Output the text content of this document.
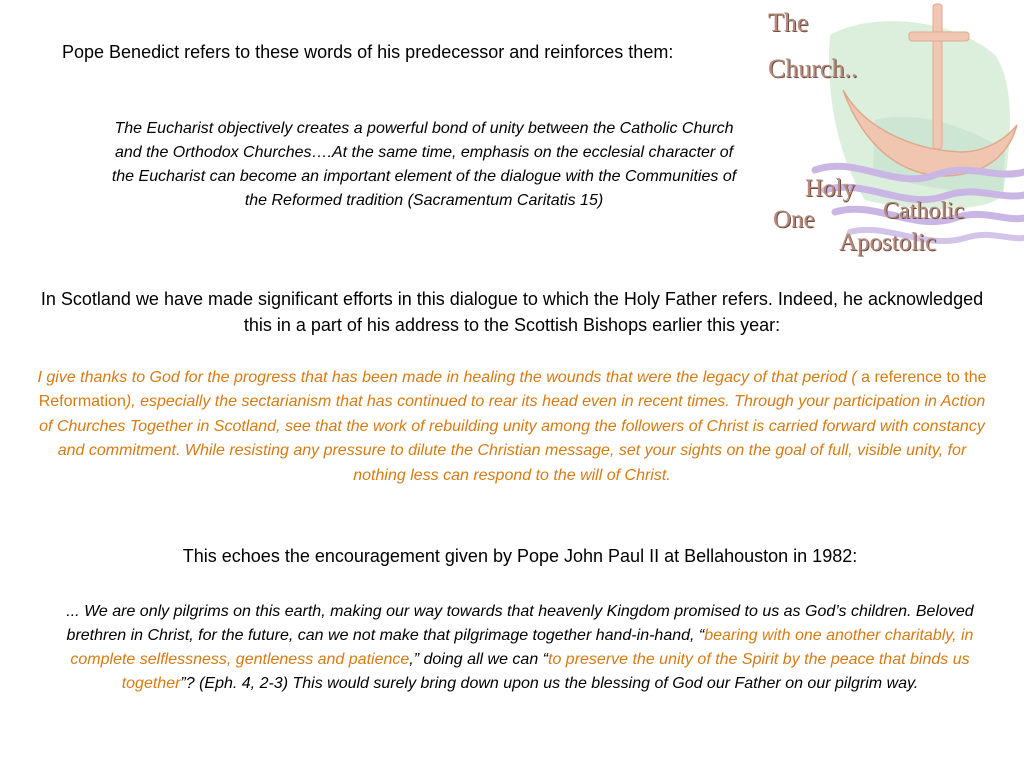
Pope Benedict refers to these words of his predecessor and reinforces them:

The Eucharist objectively creates a powerful bond of unity between the Catholic Church and the Orthodox Churches….At the same time, emphasis on the ecclesial character of the Eucharist can become an important element of the dialogue with the Communities of the Reformed tradition (Sacramentum Caritatis 15)

In Scotland we have made significant efforts in this dialogue to which the Holy Father refers. Indeed, he acknowledged this in a part of his address to the Scottish Bishops earlier this year:

I give thanks to God for the progress that has been made in healing the wounds that were the legacy of that period ( a reference to the Reformation), especially the sectarianism that has continued to rear its head even in recent times. Through your participation in Action of Churches Together in Scotland, see that the work of rebuilding unity among the followers of Christ is carried forward with constancy and commitment. While resisting any pressure to dilute the Christian message, set your sights on the goal of full, visible unity, for nothing less can respond to the will of Christ.

This echoes the encouragement given by Pope John Paul II at Bellahouston in 1982:

... We are only pilgrims on this earth, making our way towards that heavenly Kingdom promised to us as God’s children. Beloved brethren in Christ, for the future, can we not make that pilgrimage together hand-in-hand, “bearing with one another charitably, in complete selflessness, gentleness and patience,” doing all we can “to preserve the unity of the Spirit by the peace that binds us together”? (Eph. 4, 2-3) This would surely bring down upon us the blessing of God our Father on our pilgrim way.

The
Church..
Holy
One	Catholic
Apostolic
